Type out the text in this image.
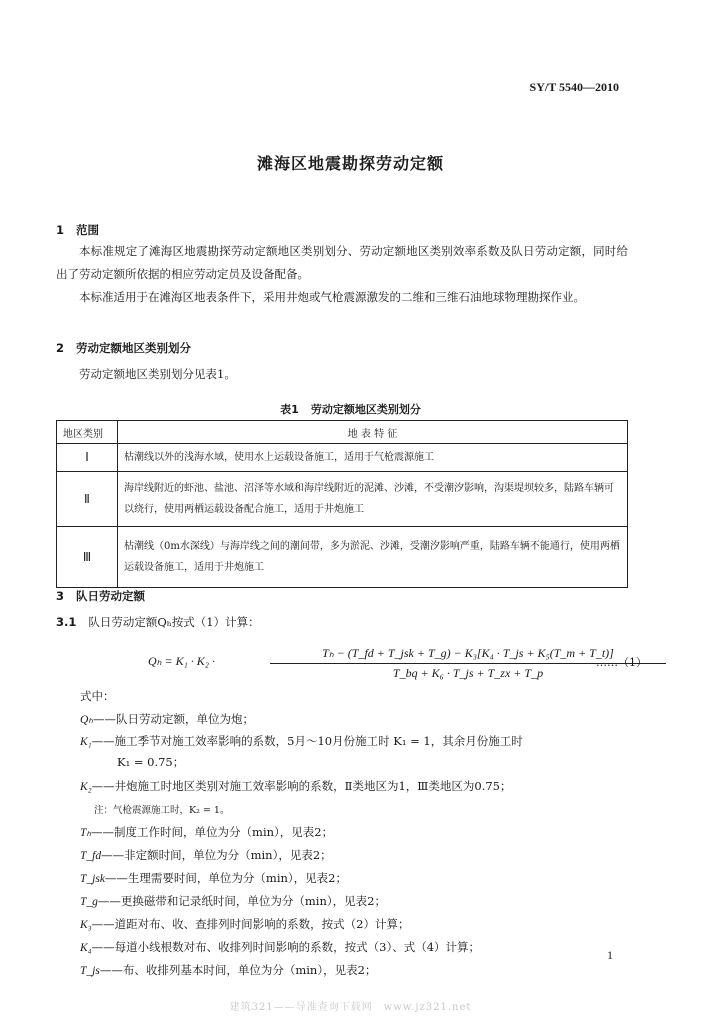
SY/T 5540—2010
滩海区地震勘探劳动定额
1 范围
本标准规定了滩海区地震勘探劳动定额地区类别划分、劳动定额地区类别效率系数及队日劳动定额，同时给出了劳动定额所依据的相应劳动定员及设备配备。
本标准适用于在滩海区地表条件下，采用井炮或气枪震源激发的二维和三维石油地球物理勘探作业。
2 劳动定额地区类别划分
劳动定额地区类别划分见表1。
表1 劳动定额地区类别划分
地区类别	地 表 特 征
Ⅰ	枯潮线以外的浅海水域，使用水上运载设备施工，适用于气枪震源施工
Ⅱ	海岸线附近的虾池、盐池、沼泽等水域和海岸线附近的泥滩、沙滩，不受潮汐影响，沟渠堤坝较多，陆路车辆可以绕行，使用两栖运载设备配合施工，适用于井炮施工
Ⅲ	枯潮线（0m水深线）与海岸线之间的潮间带，多为淤泥、沙滩，受潮汐影响严重，陆路车辆不能通行，使用两栖运载设备施工，适用于井炮施工
3 队日劳动定额
3.1 队日劳动定额Qₕ按式（1）计算：
Qₕ = K₁ · K₂ ·
Tₕ − (T_fd + T_jsk + T_g) − K₃[K₄ · T_js + K₅(T_m + T_t)]
T_bq + K₆ · T_js + T_zx + T_p
……（1）
式中：
Qₕ——队日劳动定额，单位为炮；
K₁——施工季节对施工效率影响的系数，5月～10月份施工时 K₁ = 1，其余月份施工时
K₁ = 0.75；
K₂——井炮施工时地区类别对施工效率影响的系数，Ⅱ类地区为1，Ⅲ类地区为0.75；
注：气枪震源施工时，K₂ = 1。
Tₕ——制度工作时间，单位为分（min），见表2；
T_fd——非定额时间，单位为分（min），见表2；
T_jsk——生理需要时间，单位为分（min），见表2；
T_g——更换磁带和记录纸时间，单位为分（min），见表2；
K₃——道距对布、收、查排列时间影响的系数，按式（2）计算；
K₄——每道小线根数对布、收排列时间影响的系数，按式（3）、式（4）计算；
T_js——布、收排列基本时间，单位为分（min），见表2；
1
建筑321——导准查询下载网　www.jz321.net
